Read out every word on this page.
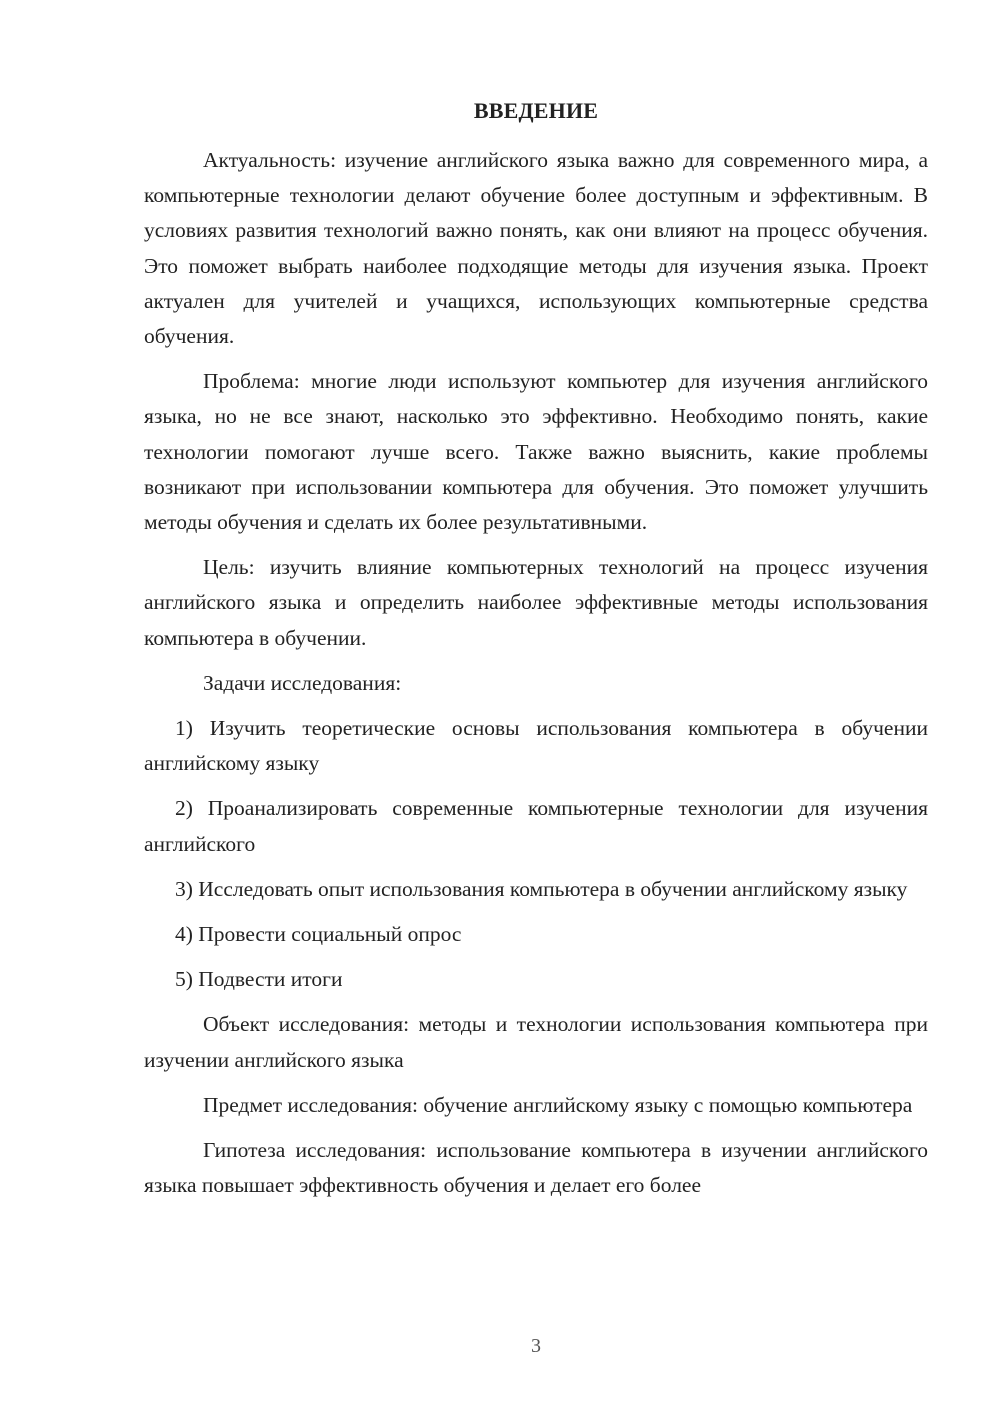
ВВЕДЕНИЕ

Актуальность: изучение английского языка важно для современного мира, а компьютерные технологии делают обучение более доступным и эффективным. В условиях развития технологий важно понять, как они влияют на процесс обучения. Это поможет выбрать наиболее подходящие методы для изучения языка. Проект актуален для учителей и учащихся, использующих компьютерные средства обучения.

Проблема: многие люди используют компьютер для изучения английского языка, но не все знают, насколько это эффективно. Необходимо понять, какие технологии помогают лучше всего. Также важно выяснить, какие проблемы возникают при использовании компьютера для обучения. Это поможет улучшить методы обучения и сделать их более результативными.

Цель: изучить влияние компьютерных технологий на процесс изучения английского языка и определить наиболее эффективные методы использования компьютера в обучении.

Задачи исследования:

1) Изучить теоретические основы использования компьютера в обучении английскому языку

2) Проанализировать современные компьютерные технологии для изучения английского

3) Исследовать опыт использования компьютера в обучении английскому языку

4) Провести социальный опрос

5) Подвести итоги

Объект исследования: методы и технологии использования компьютера при изучении английского языка

Предмет исследования: обучение английскому языку с помощью компьютера

Гипотеза исследования: использование компьютера в изучении английского языка повышает эффективность обучения и делает его более

3
